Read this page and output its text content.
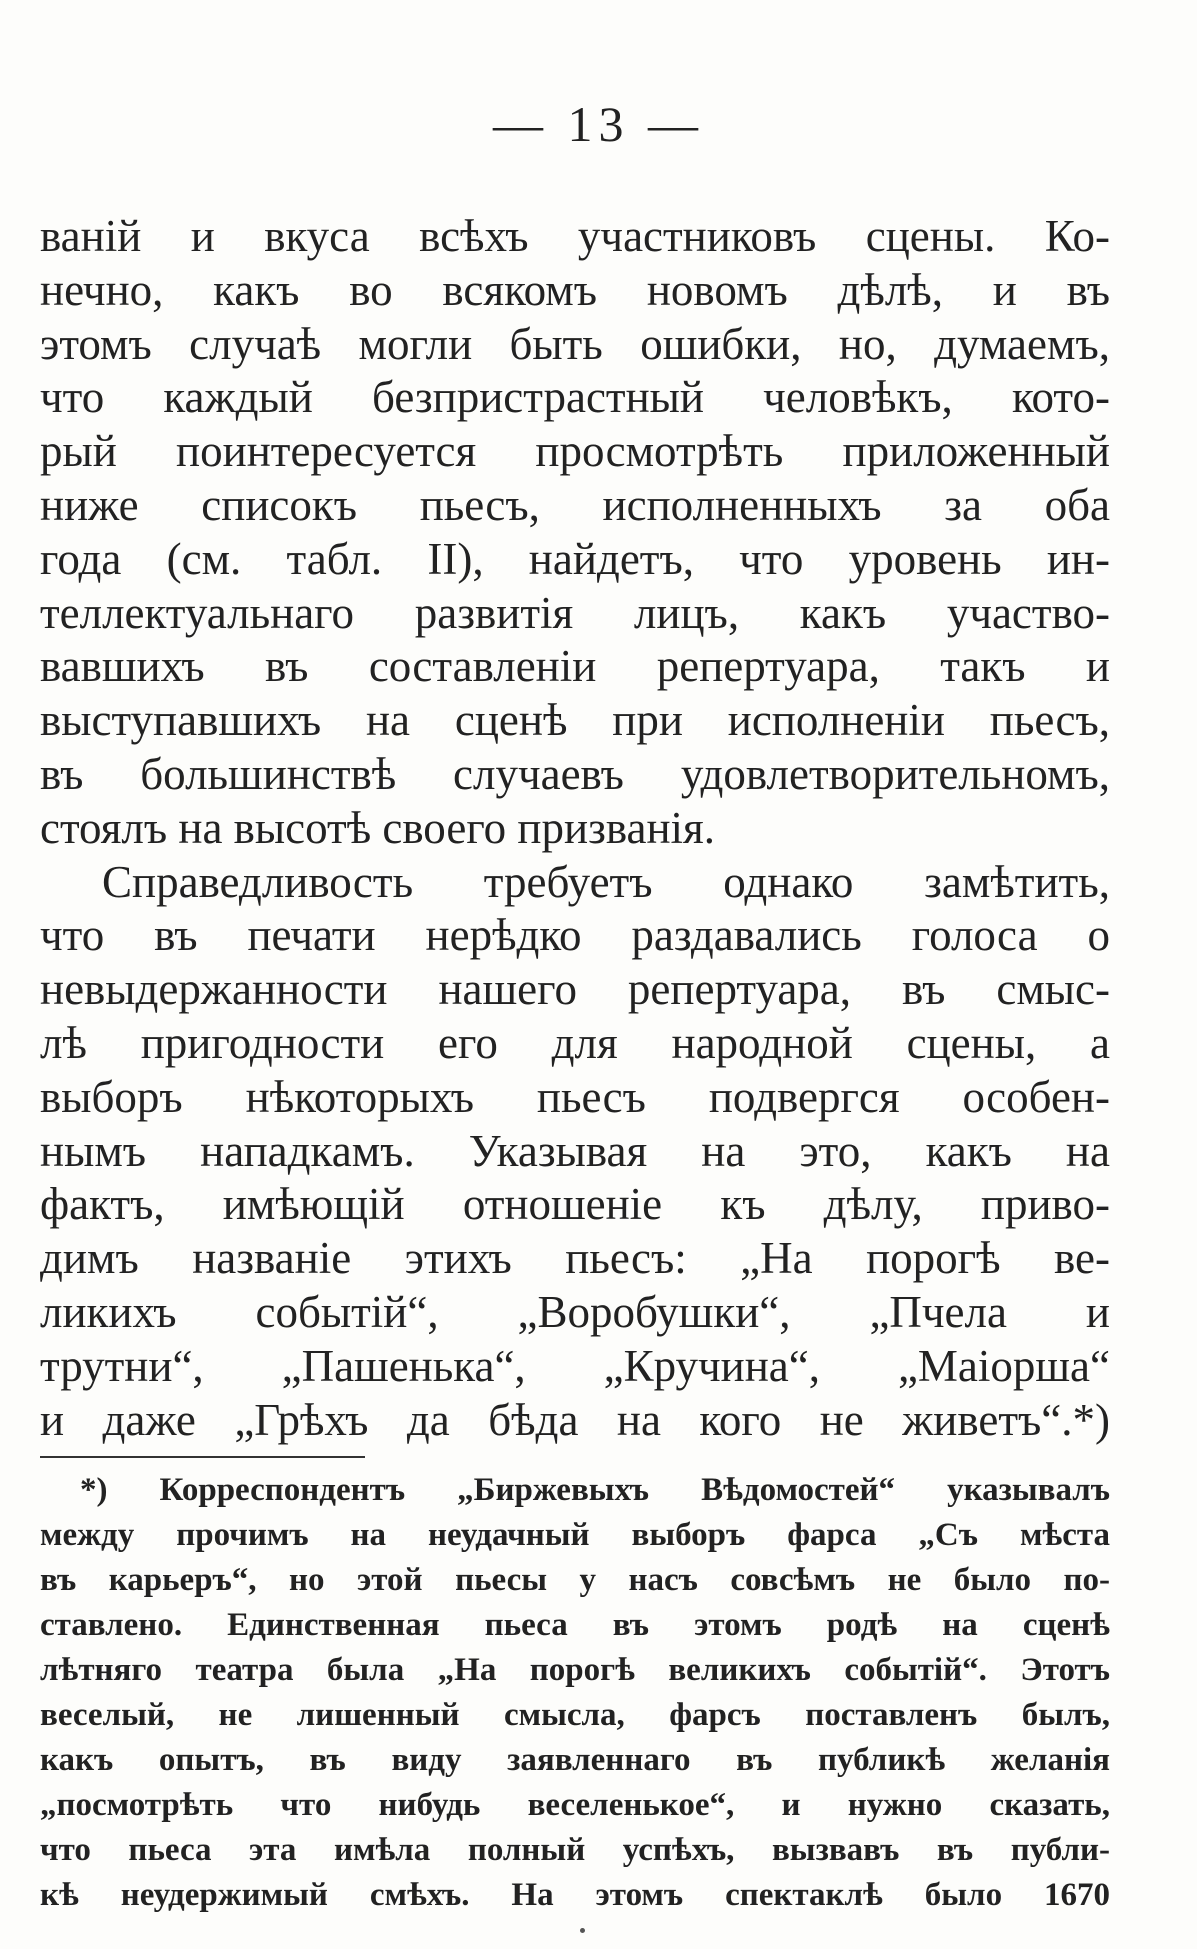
— 13 —
ваній и вкуса всѣхъ участниковъ сцены. Ко-
нечно, какъ во всякомъ новомъ дѣлѣ, и въ
этомъ случаѣ могли быть ошибки, но, думаемъ,
что каждый безпристрастный человѣкъ, кото-
рый поинтересуется просмотрѣть приложенный
ниже списокъ пьесъ, исполненныхъ за оба
года (см. табл. II), найдетъ, что уровень ин-
теллектуальнаго развитія лицъ, какъ участво-
вавшихъ въ составленіи репертуара, такъ и
выступавшихъ на сценѣ при исполненіи пьесъ,
въ большинствѣ случаевъ удовлетворительномъ,
стоялъ на высотѣ своего призванія.
Справедливость требуетъ однако замѣтить,
что въ печати нерѣдко раздавались голоса о
невыдержанности нашего репертуара, въ смыс-
лѣ пригодности его для народной сцены, а
выборъ нѣкоторыхъ пьесъ подвергся особен-
нымъ нападкамъ. Указывая на это, какъ на
фактъ, имѣющій отношеніе къ дѣлу, приво-
димъ названіе этихъ пьесъ: „На порогѣ ве-
ликихъ событій“, „Воробушки“, „Пчела и
трутни“, „Пашенька“, „Кручина“, „Маіорша“
и даже „Грѣхъ да бѣда на кого не живетъ“.*)
*) Корреспондентъ „Биржевыхъ Вѣдомостей“ указывалъ
между прочимъ на неудачный выборъ фарса „Съ мѣста
въ карьеръ“, но этой пьесы у насъ совсѣмъ не было по-
ставлено. Единственная пьеса въ этомъ родѣ на сценѣ
лѣтняго театра была „На порогѣ великихъ событій“. Этотъ
веселый, не лишенный смысла, фарсъ поставленъ былъ,
какъ опытъ, въ виду заявленнаго въ публикѣ желанія
„посмотрѣть что нибудь веселенькое“, и нужно сказать,
что пьеса эта имѣла полный успѣхъ, вызвавъ въ публи-
кѣ неудержимый смѣхъ. На этомъ спектаклѣ было 1670
